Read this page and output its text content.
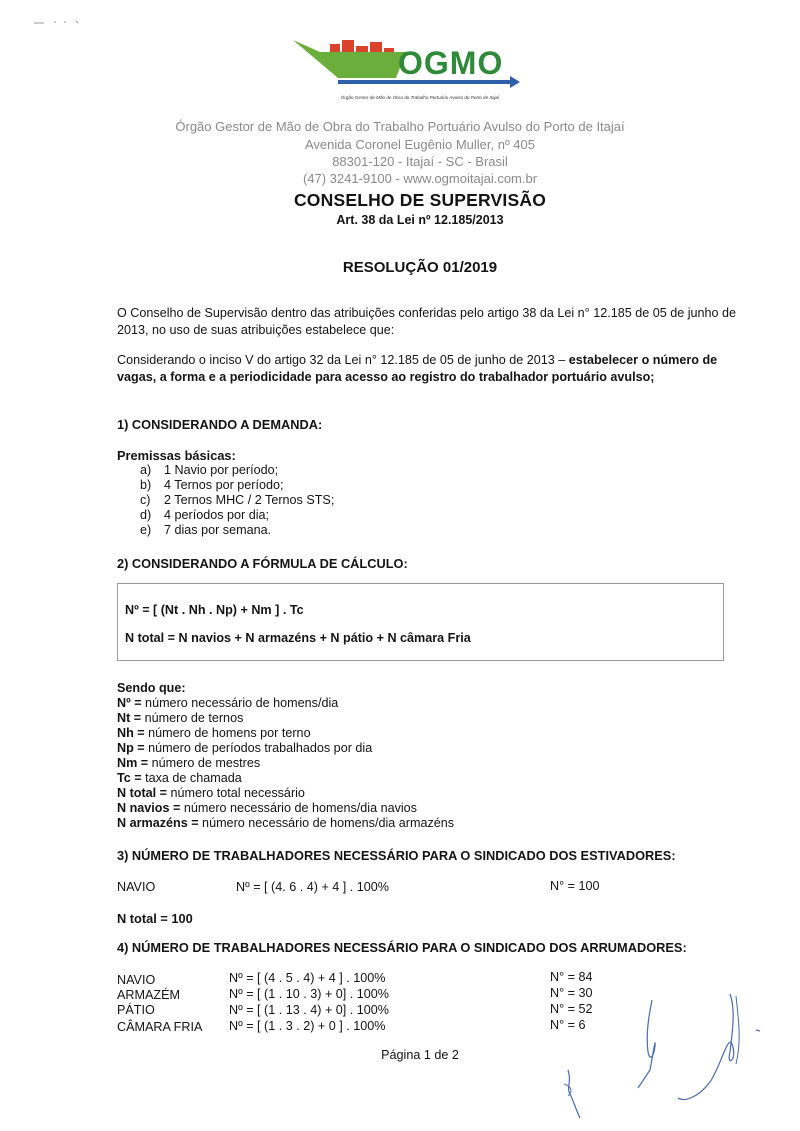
OGMO
Órgão Gestor de Mão de Obra do Trabalho Portuário Avulso do Porto de Itajaí
Órgão Gestor de Mão de Obra do Trabalho Portuário Avulso do Porto de Itajaí
Avenida Coronel Eugênio Muller, nº 405
88301-120 - Itajaí - SC - Brasil
(47) 3241-9100 - www.ogmoitajai.com.br
CONSELHO DE SUPERVISÃO
Art. 38 da Lei nº 12.185/2013
RESOLUÇÃO 01/2019
O Conselho de Supervisão dentro das atribuições conferidas pelo artigo 38 da Lei n° 12.185 de 05 de junho de 2013, no uso de suas atribuições estabelece que:
Considerando o inciso V do artigo 32 da Lei n° 12.185 de 05 de junho de 2013 – estabelecer o número de vagas, a forma e a periodicidade para acesso ao registro do trabalhador portuário avulso;
1) CONSIDERANDO A DEMANDA:
Premissas básicas:
a) 1 Navio por período;
b) 4 Ternos por período;
c) 2 Ternos MHC / 2 Ternos STS;
d) 4 períodos por dia;
e) 7 dias por semana.
2) CONSIDERANDO A FÓRMULA DE CÁLCULO:
Nº = [ (Nt . Nh . Np) + Nm ] . Tc
N total = N navios + N armazéns + N pátio + N câmara Fria
Sendo que:
Nº = número necessário de homens/dia
Nt = número de ternos
Nh = número de homens por terno
Np = número de períodos trabalhados por dia
Nm = número de mestres
Tc = taxa de chamada
N total = número total necessário
N navios = número necessário de homens/dia navios
N armazéns = número necessário de homens/dia armazéns
3) NÚMERO DE TRABALHADORES NECESSÁRIO PARA O SINDICADO DOS ESTIVADORES:
NAVIO	Nº = [ (4. 6 . 4) + 4 ] . 100%	N° = 100
N total = 100
4) NÚMERO DE TRABALHADORES NECESSÁRIO PARA O SINDICADO DOS ARRUMADORES:
NAVIO	Nº = [ (4 . 5 . 4) + 4 ] . 100%	N° = 84
ARMAZÉM	Nº = [ (1 . 10 . 3) + 0] . 100%	N° = 30
PÁTIO	Nº = [ (1 . 13 . 4) + 0] . 100%	N° = 52
CÂMARA FRIA Nº = [ (1 . 3 . 2) + 0 ] . 100%	N° = 6
Página 1 de 2
